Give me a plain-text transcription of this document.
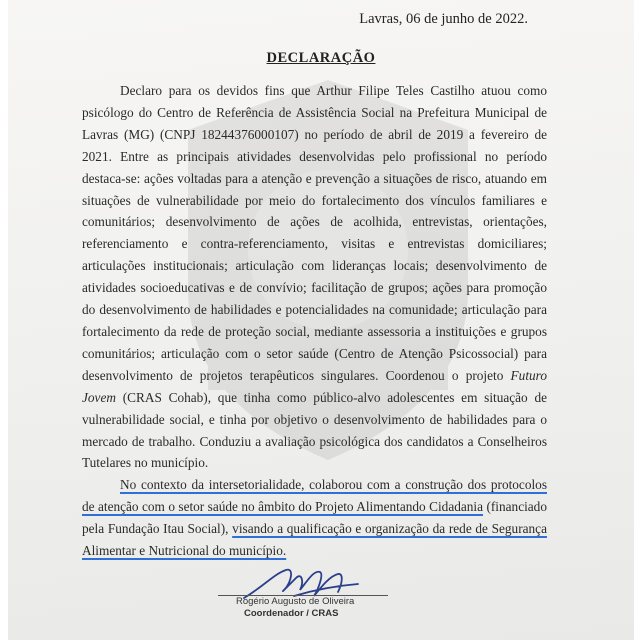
Lavras, 06 de junho de 2022.
DECLARAÇÃO

Declaro para os devidos fins que Arthur Filipe Teles Castilho atuou como psicólogo do Centro de Referência de Assistência Social na Prefeitura Municipal de Lavras (MG) (CNPJ 18244376000107) no período de abril de 2019 a fevereiro de 2021. Entre as principais atividades desenvolvidas pelo profissional no período destaca-se: ações voltadas para a atenção e prevenção a situações de risco, atuando em situações de vulnerabilidade por meio do fortalecimento dos vínculos familiares e comunitários; desenvolvimento de ações de acolhida, entrevistas, orientações, referenciamento e contra-referenciamento, visitas e entrevistas domiciliares; articulações institucionais; articulação com lideranças locais; desenvolvimento de atividades socioeducativas e de convívio; facilitação de grupos; ações para promoção do desenvolvimento de habilidades e potencialidades na comunidade; articulação para fortalecimento da rede de proteção social, mediante assessoria a instituições e grupos comunitários; articulação com o setor saúde (Centro de Atenção Psicossocial) para desenvolvimento de projetos terapêuticos singulares. Coordenou o projeto Futuro Jovem (CRAS Cohab), que tinha como público-alvo adolescentes em situação de vulnerabilidade social, e tinha por objetivo o desenvolvimento de habilidades para o mercado de trabalho. Conduziu a avaliação psicológica dos candidatos a Conselheiros Tutelares no município.

No contexto da intersetorialidade, colaborou com a construção dos protocolos de atenção com o setor saúde no âmbito do Projeto Alimentando Cidadania (financiado pela Fundação Itau Social), visando a qualificação e organização da rede de Segurança Alimentar e Nutricional do município.

Rogério Augusto de Oliveira
Coordenador / CRAS
